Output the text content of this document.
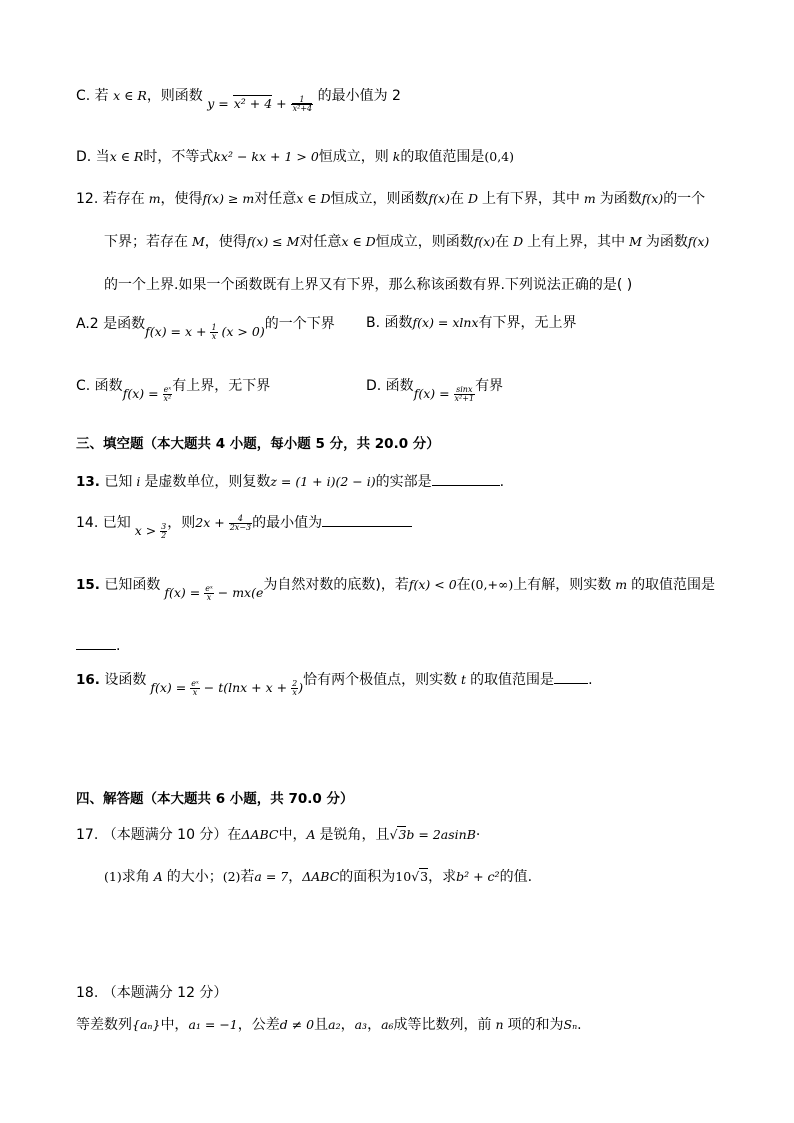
C. 若 x ∈ R，则函数 $y = x^2 + 4 + \frac{1}{\text{x²+4}}$ 的最小值为 2
D. 当x ∈ R时，不等式kx² − kx + 1 > 0恒成立，则 k的取值范围是(0,4)
12. 若存在 m，使得f(x) ≥ m对任意x ∈ D恒成立，则函数f(x)在 D 上有下界，其中 m 为函数f(x)的一个
下界；若存在 M，使得f(x) ≤ M对任意x ∈ D恒成立，则函数f(x)在 D 上有上界，其中 M 为函数f(x)
的一个上界.如果一个函数既有上界又有下界，那么称该函数有界.下列说法正确的是( )
A.2 是函数$f(x) = x + \frac{1}{x} (x > 0)$的一个下界 B. 函数f(x) = xlnx有下界，无上界
C. 函数$f(x) = \frac{\text{eˣ}}{\text{x²}}$ 有上界，无下界	D. 函数$f(x) = \frac{\sin x}{\text{x²+1}}$ 有界
三、填空题（本大题共 4 小题，每小题 5 分，共 20.0 分）
13. 已知 i 是虚数单位，则复数z = (1 + i)(2 − i)的实部是	.
14. 已知 $x > \frac{3}{2}$ ，则$2x + \frac{4}{2x-3}$ 的最小值为
15. 已知函数 $f(x) = \frac{\text{eˣ}}{x} - mx(e$为自然对数的底数)，若f(x) < 0在(0,+∞)上有解，则实数 m 的取值范围是
.
16. 设函数 $f(x) = \frac{\text{eˣ}}{x} - t(\ln x + x + \frac{2}{x}$ )恰有两个极值点，则实数 t 的取值范围是 .
四、解答题（本大题共 6 小题，共 70.0 分）
17. （本题满分 10 分）在ΔABC中，A 是锐角，且√3b = 2asinB·
(1)求角 A 的大小；(2)若a = 7，ΔABC的面积为10√3，求b² + c²的值.
18. （本题满分 12 分）
等差数列{aₙ}中，a₁ = −1，公差d ≠ 0且a₂，a₃，a₆成等比数列，前 n 项的和为Sₙ.
